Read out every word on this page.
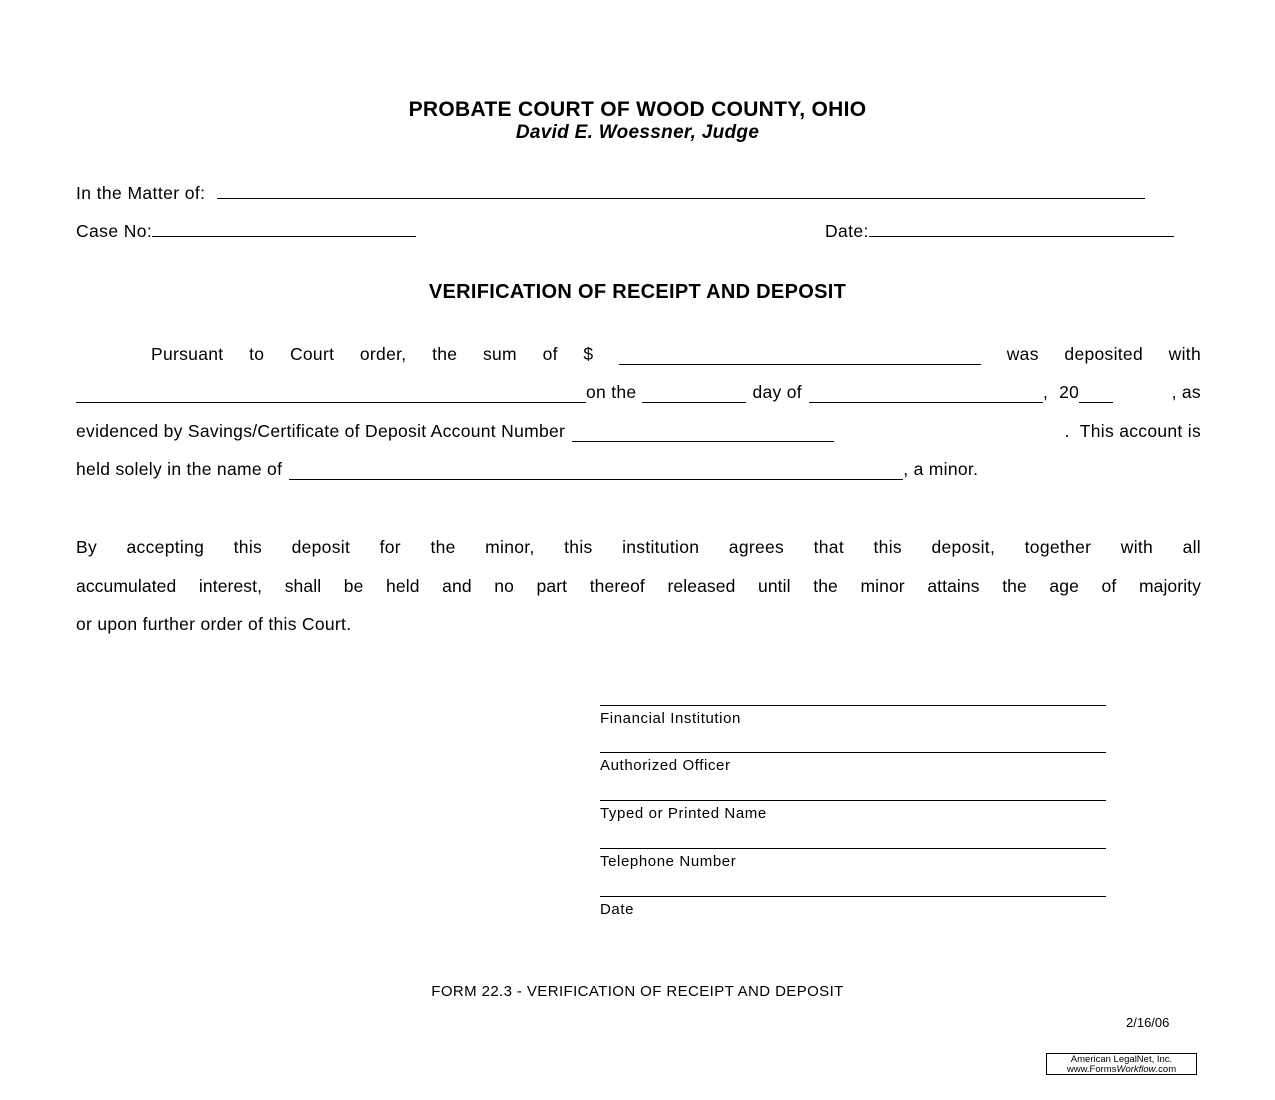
PROBATE COURT OF WOOD COUNTY, OHIO
David E. Woessner, Judge
In the Matter of:
Case No:	Date:
VERIFICATION OF RECEIPT AND DEPOSIT
Pursuant to Court order, the sum of $	was deposited with
on the	day of	, 20	, as
evidenced by Savings/Certificate of Deposit Account Number	.  This account is
held solely in the name of	, a minor.
By accepting this deposit for the minor, this institution agrees that this deposit, together with all
accumulated interest, shall be held and no part thereof released until the minor attains the age of majority
or upon further order of this Court.
Financial Institution
Authorized Officer
Typed or Printed Name
Telephone Number
Date
FORM 22.3 - VERIFICATION OF RECEIPT AND DEPOSIT
2/16/06
American LegalNet, Inc.
www.FormsWorkflow.com
